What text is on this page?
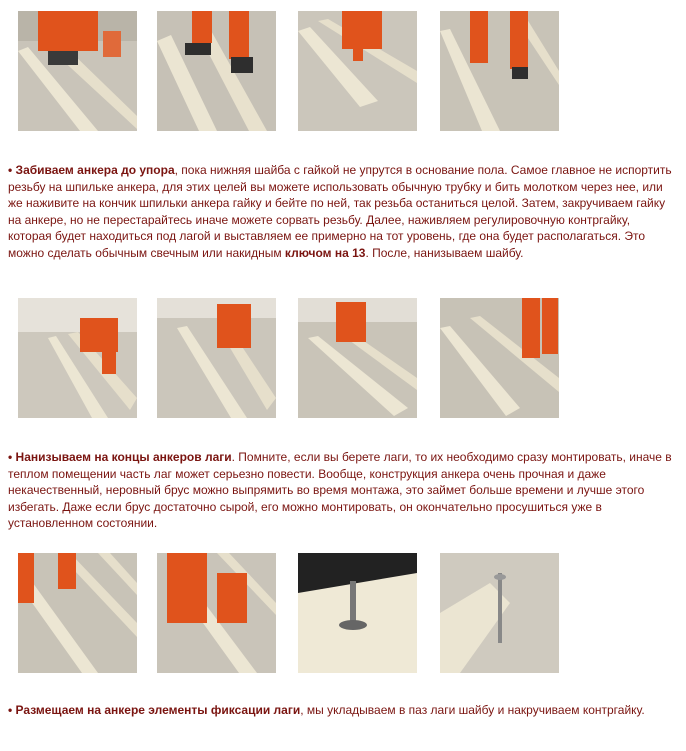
• Забиваем анкера до упора, пока нижняя шайба с гайкой не упрутся в основание пола. Самое главное не испортить резьбу на шпильке анкера, для этих целей вы можете использовать обычную трубку и бить молотком через нее, или же наживите на кончик шпильки анкера гайку и бейте по ней, так резьба останиться целой. Затем, закручиваем гайку на анкере, но не перестарайтесь иначе можете сорвать резьбу. Далее, наживляем регулировочную контргайку, которая будет находиться под лагой и выставляем ее примерно на тот уровень, где она будет располагаться. Это можно сделать обычным свечным или накидным ключом на 13. После, нанизываем шайбу.

• Нанизываем на концы анкеров лаги. Помните, если вы берете лаги, то их необходимо сразу монтировать, иначе в теплом помещении часть лаг может серьезно повести. Вообще, конструкция анкера очень прочная и даже некачественный, неровный брус можно выпрямить во время монтажа, это займет больше времени и лучше этого избегать. Даже если брус достаточно сырой, его можно монтировать, он окончательно просушиться уже в установленном состоянии.

• Размещаем на анкере элементы фиксации лаги, мы укладываем в паз лаги шайбу и накручиваем контргайку.
